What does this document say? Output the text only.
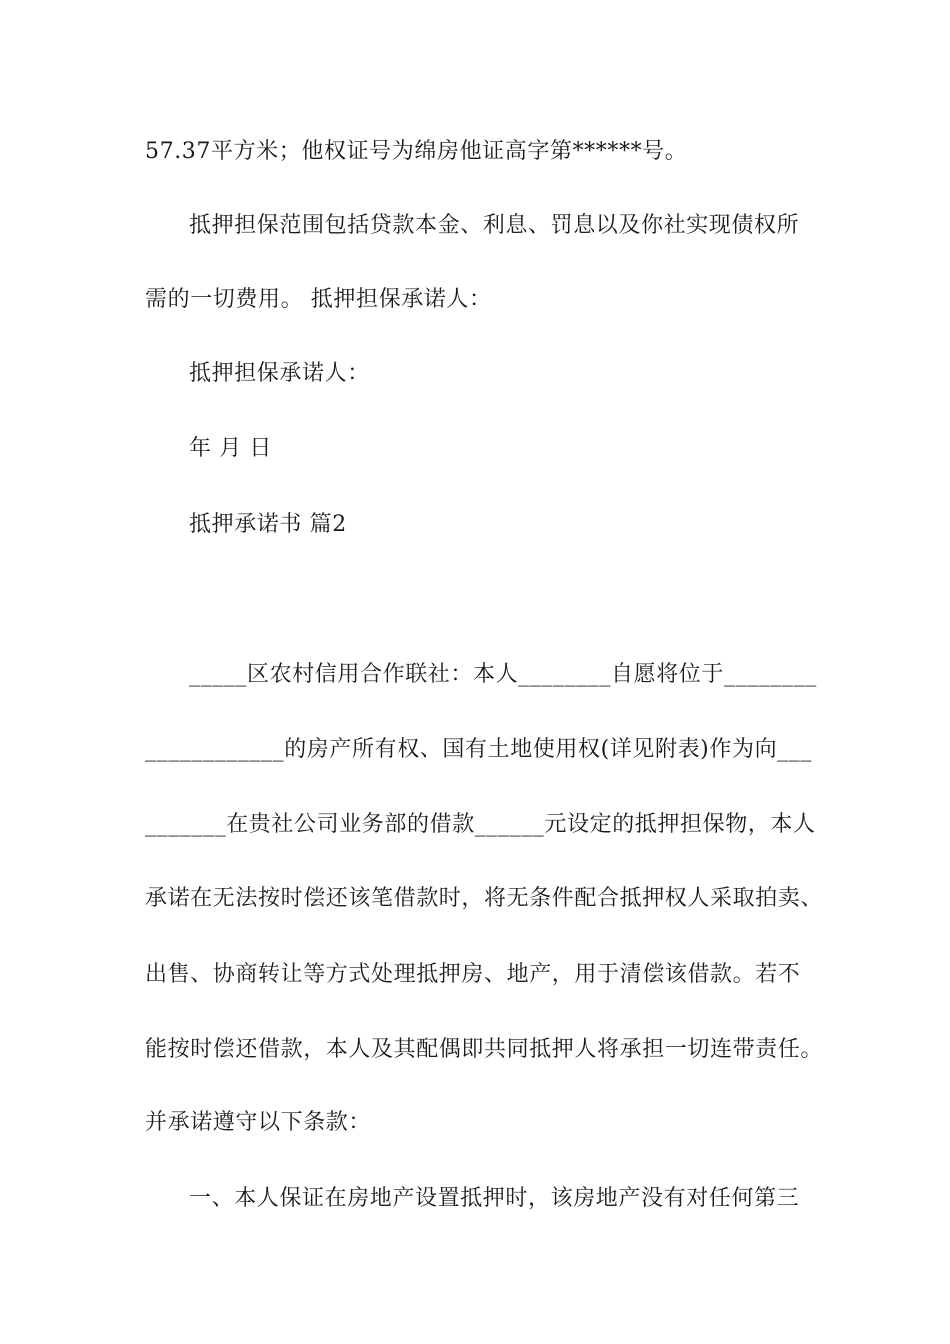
57.37平方米；他权证号为绵房他证高字第******号。
抵押担保范围包括贷款本金、利息、罚息以及你社实现债权所
需的一切费用。 抵押担保承诺人：
抵押担保承诺人：
年 月 日
抵押承诺书 篇2
_____区农村信用合作联社：本人________自愿将位于________
____________的房产所有权、国有土地使用权(详见附表)作为向___
_______在贵社公司业务部的借款______元设定的抵押担保物，本人
承诺在无法按时偿还该笔借款时，将无条件配合抵押权人采取拍卖、
出售、协商转让等方式处理抵押房、地产，用于清偿该借款。若不
能按时偿还借款，本人及其配偶即共同抵押人将承担一切连带责任。
并承诺遵守以下条款：
一、本人保证在房地产设置抵押时，该房地产没有对任何第三
